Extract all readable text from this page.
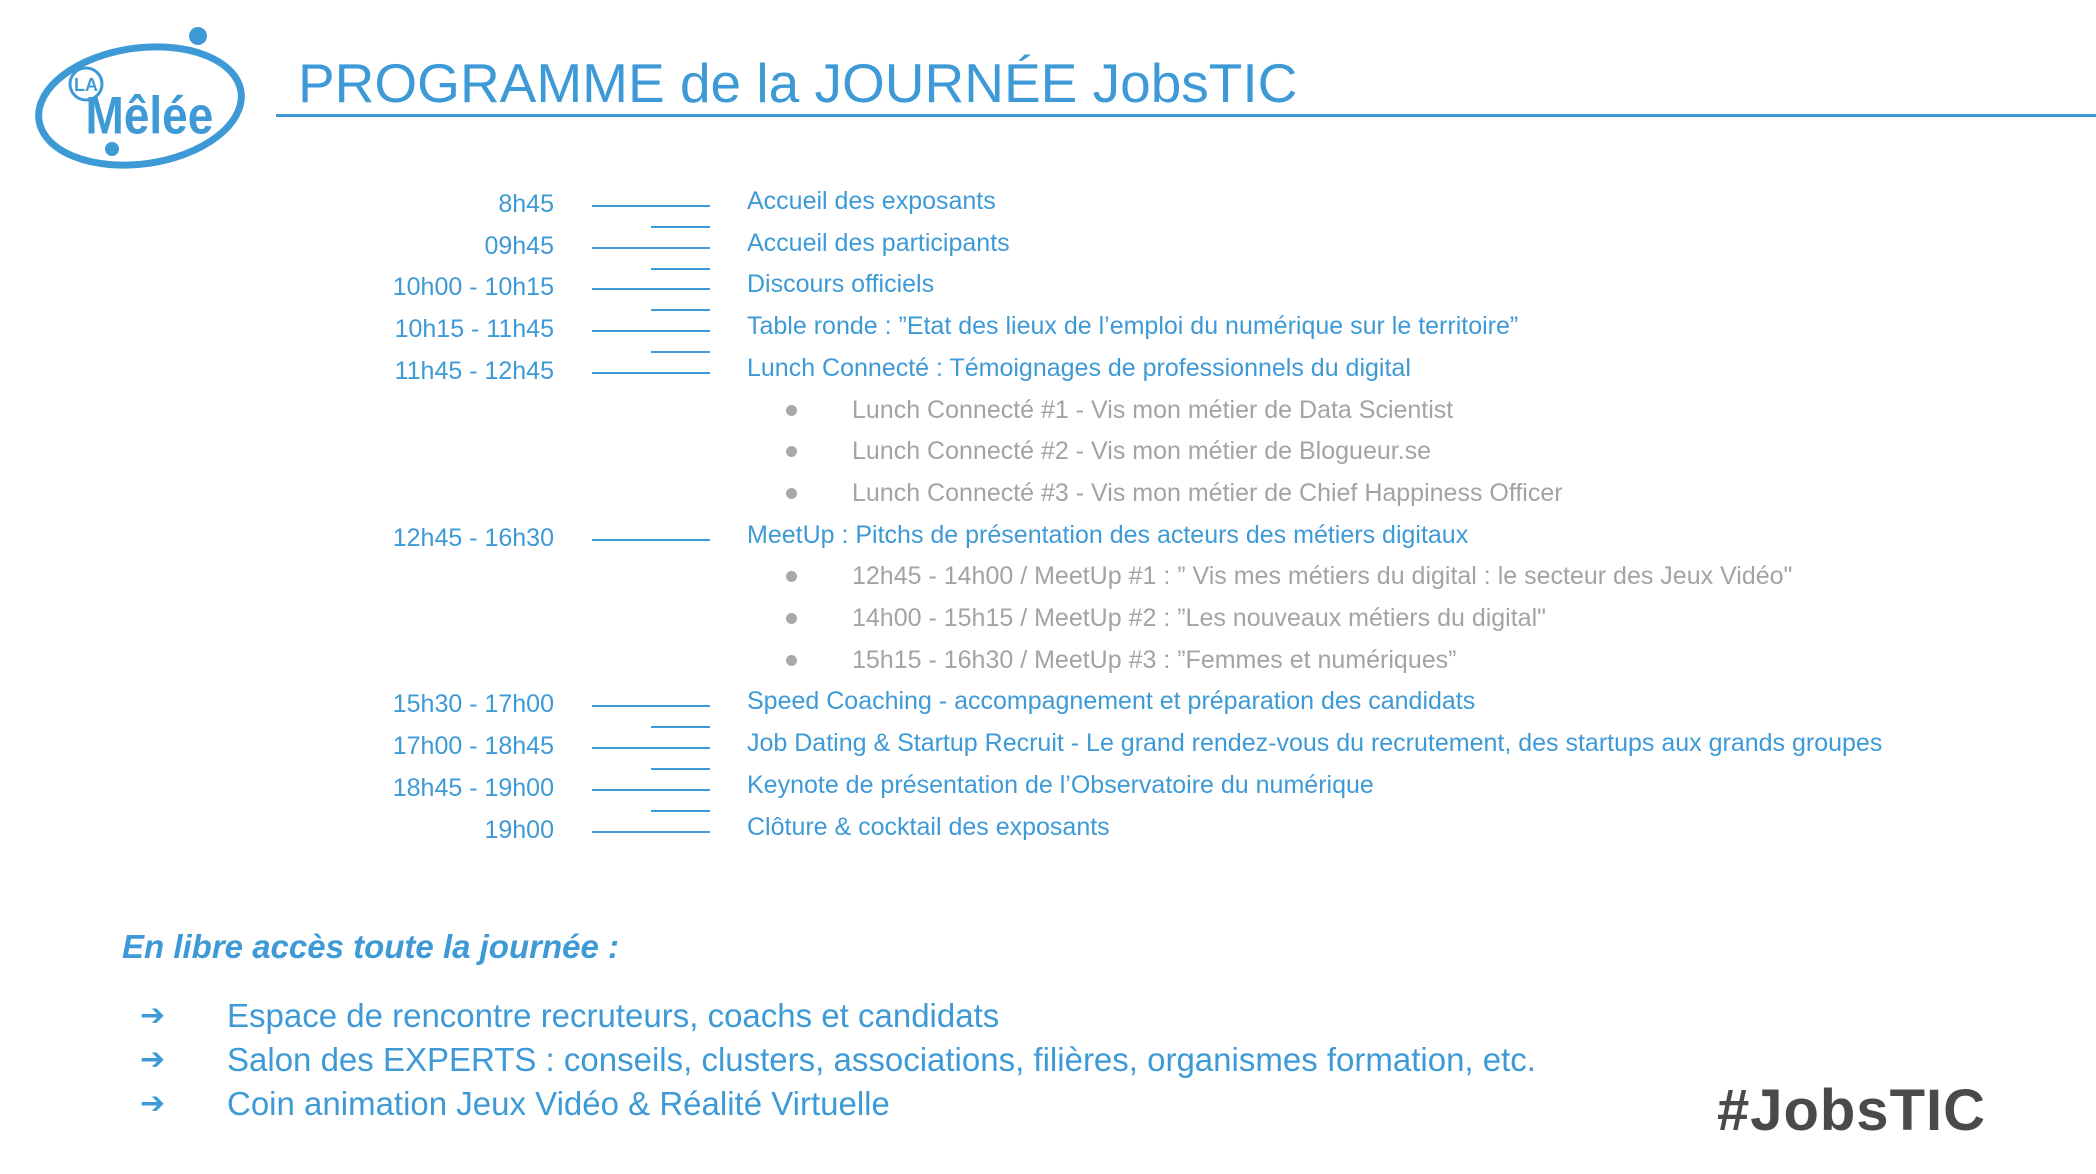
LA
Mêlée
PROGRAMME de la JOURNÉE JobsTIC
8h45	Accueil des exposants
09h45	Accueil des participants
10h00 - 10h15	Discours officiels
10h15 - 11h45	Table ronde : ”Etat des lieux de l’emploi du numérique sur le territoire”
11h45 - 12h45	Lunch Connecté : Témoignages de professionnels du digital
Lunch Connecté #1 - Vis mon métier de Data Scientist
Lunch Connecté #2 - Vis mon métier de Blogueur.se
Lunch Connecté #3 - Vis mon métier de Chief Happiness Officer
12h45 - 16h30	MeetUp : Pitchs de présentation des acteurs des métiers digitaux
12h45 - 14h00 / MeetUp #1 : ” Vis mes métiers du digital : le secteur des Jeux Vidéo"
14h00 - 15h15 / MeetUp #2 : ”Les nouveaux métiers du digital"
15h15 - 16h30 / MeetUp #3 : ”Femmes et numériques”
15h30 - 17h00	Speed Coaching - accompagnement et préparation des candidats
17h00 - 18h45	Job Dating & Startup Recruit - Le grand rendez-vous du recrutement, des startups aux grands groupes
18h45 - 19h00	Keynote de présentation de l’Observatoire du numérique
19h00	Clôture & cocktail des exposants
En libre accès toute la journée :
➔ Espace de rencontre recruteurs, coachs et candidats
➔ Salon des EXPERTS : conseils, clusters, associations, filières, organismes formation, etc.
➔ Coin animation Jeux Vidéo & Réalité Virtuelle	#JobsTIC
